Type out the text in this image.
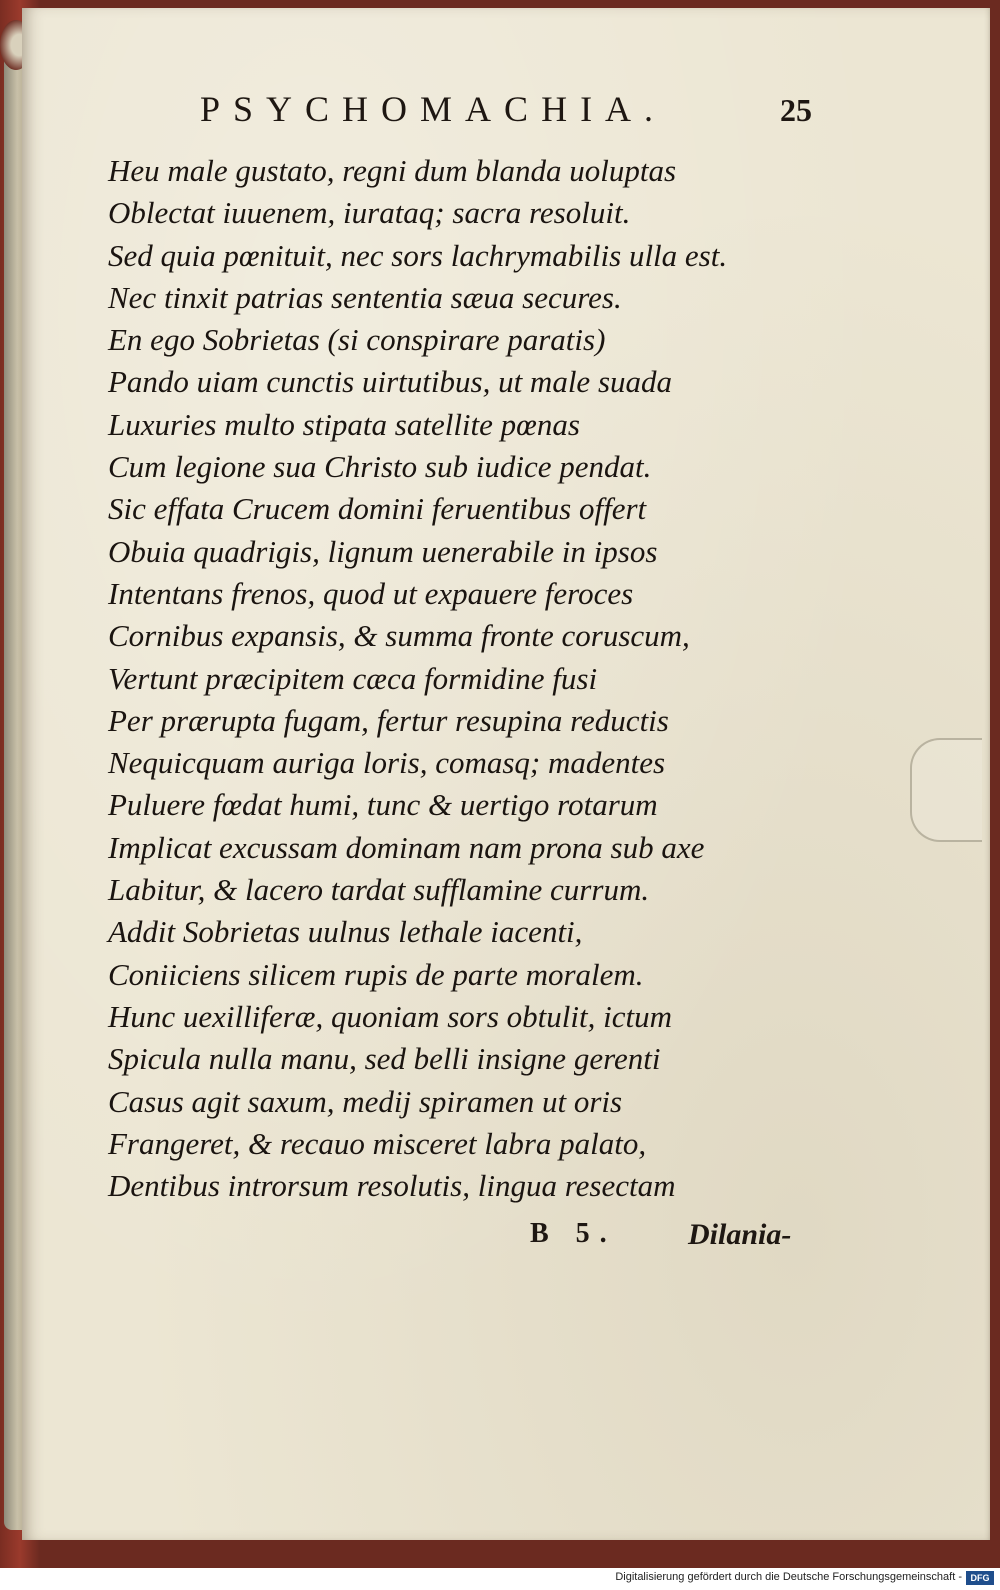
PSYCHOMACHIA.	25
Heu male gustato, regni dum blanda uoluptas
Oblectat iuuenem, iurataq; sacra resoluit.
Sed quia pœnituit, nec sors lachrymabilis ulla est.
Nec tinxit patrias sententia sæua secures.
En ego Sobrietas (si conspirare paratis)
Pando uiam cunctis uirtutibus, ut male suada
Luxuries multo stipata satellite pœnas
Cum legione sua Christo sub iudice pendat.
Sic effata Crucem domini feruentibus offert
Obuia quadrigis, lignum uenerabile in ipsos
Intentans frenos, quod ut expauere feroces
Cornibus expansis, & summa fronte coruscum,
Vertunt præcipitem cæca formidine fusi
Per prærupta fugam, fertur resupina reductis
Nequicquam auriga loris, comasq; madentes
Puluere fœdat humi, tunc & uertigo rotarum
Implicat excussam dominam nam prona sub axe
Labitur, & lacero tardat sufflamine currum.
Addit Sobrietas uulnus lethale iacenti,
Coniiciens silicem rupis de parte moralem.
Hunc uexilliferæ, quoniam sors obtulit, ictum
Spicula nulla manu, sed belli insigne gerenti
Casus agit saxum, medij spiramen ut oris
Frangeret, & recauo misceret labra palato,
Dentibus introrsum resolutis, lingua resectam
B 5. Dilania-
Digitalisierung gefördert durch die Deutsche Forschungsgemeinschaft - DFG
